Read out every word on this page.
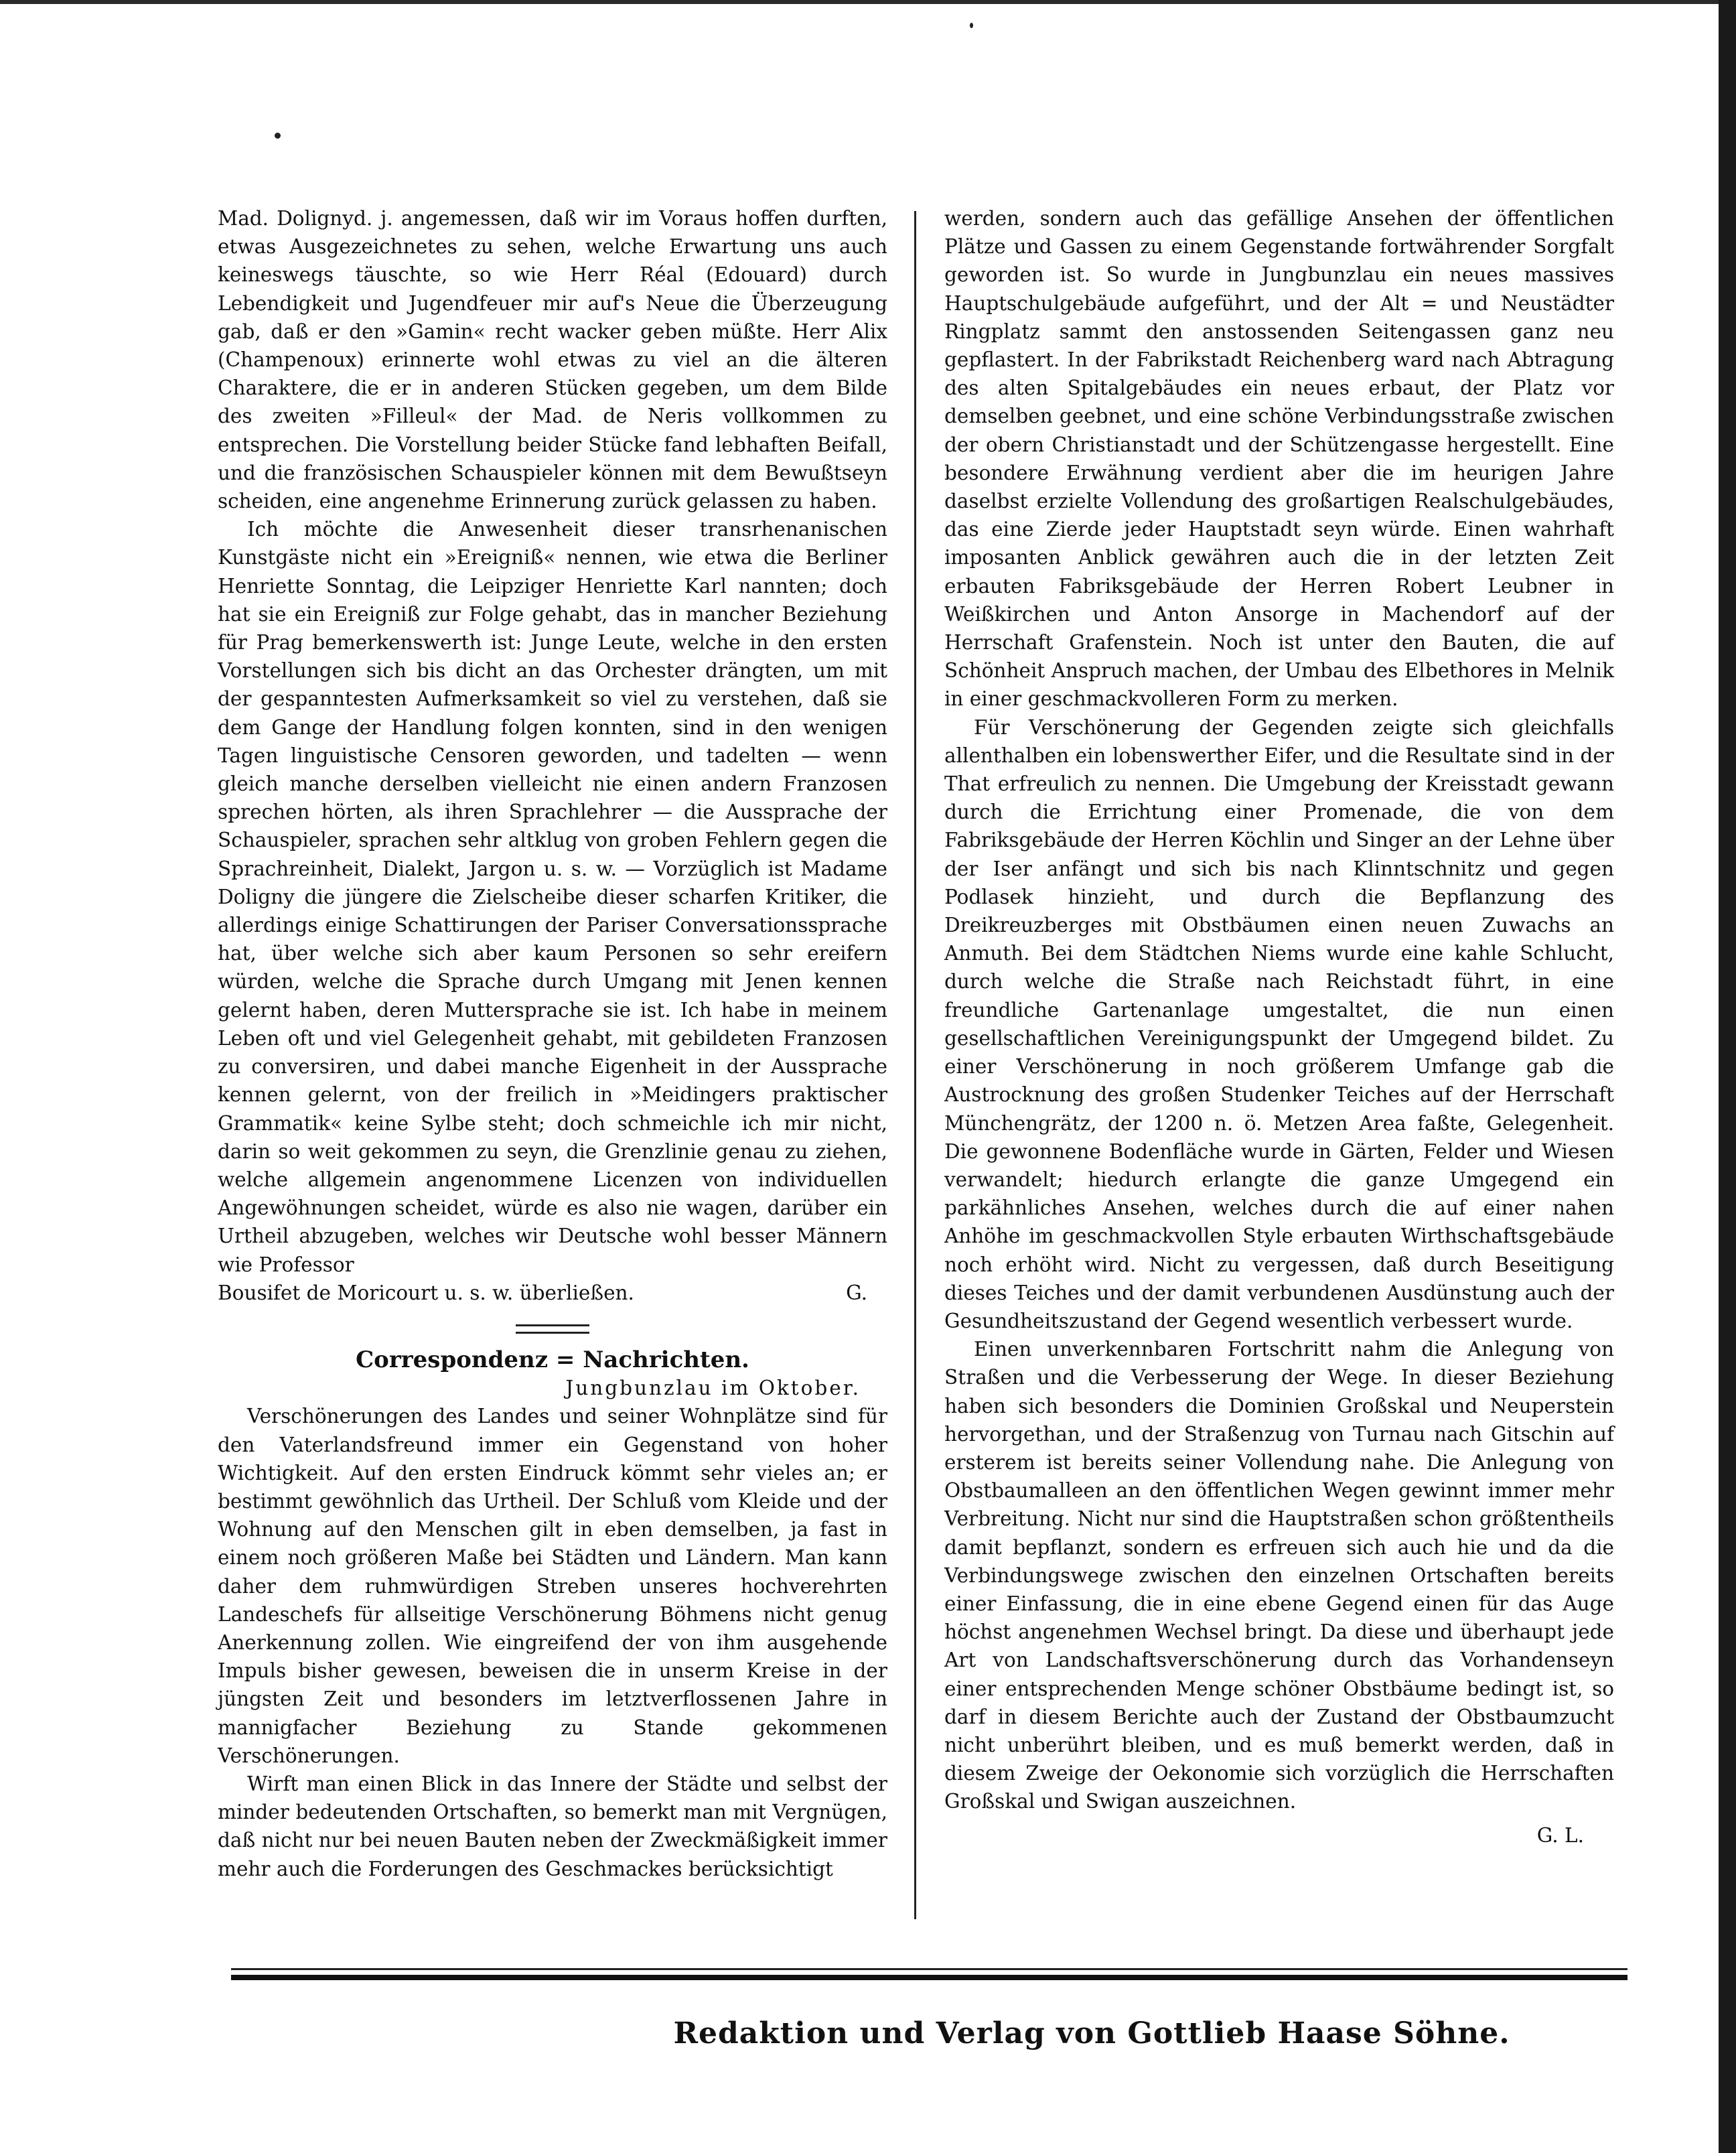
Mad. Dolignyd. j. angemessen, daß wir im Voraus hoffen durften, etwas Ausgezeichnetes zu sehen, welche Erwartung uns auch keineswegs täuschte, so wie Herr Réal (Edouard) durch Lebendigkeit und Jugendfeuer mir auf's Neue die Überzeugung gab, daß er den »Gamin« recht wacker geben müßte. Herr Alix (Champenoux) erinnerte wohl etwas zu viel an die älteren Charaktere, die er in anderen Stücken gegeben, um dem Bilde des zweiten »Filleul« der Mad. de Neris vollkommen zu entsprechen. Die Vorstellung beider Stücke fand lebhaften Beifall, und die französischen Schauspieler können mit dem Bewußtseyn scheiden, eine angenehme Erinnerung zurück gelassen zu haben.

Ich möchte die Anwesenheit dieser transrhenanischen Kunstgäste nicht ein »Ereigniß« nennen, wie etwa die Berliner Henriette Sonntag, die Leipziger Henriette Karl nannten; doch hat sie ein Ereigniß zur Folge gehabt, das in mancher Beziehung für Prag bemerkenswerth ist: Junge Leute, welche in den ersten Vorstellungen sich bis dicht an das Orchester drängten, um mit der gespanntesten Aufmerksamkeit so viel zu verstehen, daß sie dem Gange der Handlung folgen konnten, sind in den wenigen Tagen linguistische Censoren geworden, und tadelten — wenn gleich manche derselben vielleicht nie einen andern Franzosen sprechen hörten, als ihren Sprachlehrer — die Aussprache der Schauspieler, sprachen sehr altklug von groben Fehlern gegen die Sprachreinheit, Dialekt, Jargon u. s. w. — Vorzüglich ist Madame Doligny die jüngere die Zielscheibe dieser scharfen Kritiker, die allerdings einige Schattirungen der Pariser Conversationssprache hat, über welche sich aber kaum Personen so sehr ereifern würden, welche die Sprache durch Umgang mit Jenen kennen gelernt haben, deren Muttersprache sie ist. Ich habe in meinem Leben oft und viel Gelegenheit gehabt, mit gebildeten Franzosen zu conversiren, und dabei manche Eigenheit in der Aussprache kennen gelernt, von der freilich in »Meidingers praktischer Grammatik« keine Sylbe steht; doch schmeichle ich mir nicht, darin so weit gekommen zu seyn, die Grenzlinie genau zu ziehen, welche allgemein angenommene Licenzen von individuellen Angewöhnungen scheidet, würde es also nie wagen, darüber ein Urtheil abzugeben, welches wir Deutsche wohl besser Männern wie Professor

Bousifet de Moricourt u. s. w. überließen.	G.
Correspondenz = Nachrichten.
Jungbunzlau im Oktober.

Verschönerungen des Landes und seiner Wohnplätze sind für den Vaterlandsfreund immer ein Gegenstand von hoher Wichtigkeit. Auf den ersten Eindruck kömmt sehr vieles an; er bestimmt gewöhnlich das Urtheil. Der Schluß vom Kleide und der Wohnung auf den Menschen gilt in eben demselben, ja fast in einem noch größeren Maße bei Städten und Ländern. Man kann daher dem ruhmwürdigen Streben unseres hochverehrten Landeschefs für allseitige Verschönerung Böhmens nicht genug Anerkennung zollen. Wie eingreifend der von ihm ausgehende Impuls bisher gewesen, beweisen die in unserm Kreise in der jüngsten Zeit und besonders im letztverflossenen Jahre in mannigfacher Beziehung zu Stande gekommenen Verschönerungen.

Wirft man einen Blick in das Innere der Städte und selbst der minder bedeutenden Ortschaften, so bemerkt man mit Vergnügen, daß nicht nur bei neuen Bauten neben der Zweckmäßigkeit immer mehr auch die Forderungen des Geschmackes berücksichtigt

werden, sondern auch das gefällige Ansehen der öffentlichen Plätze und Gassen zu einem Gegenstande fortwährender Sorgfalt geworden ist. So wurde in Jungbunzlau ein neues massives Hauptschulgebäude aufgeführt, und der Alt = und Neustädter Ringplatz sammt den anstossenden Seitengassen ganz neu gepflastert. In der Fabrikstadt Reichenberg ward nach Abtragung des alten Spitalgebäudes ein neues erbaut, der Platz vor demselben geebnet, und eine schöne Verbindungsstraße zwischen der obern Christianstadt und der Schützengasse hergestellt. Eine besondere Erwähnung verdient aber die im heurigen Jahre daselbst erzielte Vollendung des großartigen Realschulgebäudes, das eine Zierde jeder Hauptstadt seyn würde. Einen wahrhaft imposanten Anblick gewähren auch die in der letzten Zeit erbauten Fabriksgebäude der Herren Robert Leubner in Weißkirchen und Anton Ansorge in Machendorf auf der Herrschaft Grafenstein. Noch ist unter den Bauten, die auf Schönheit Anspruch machen, der Umbau des Elbethores in Melnik in einer geschmackvolleren Form zu merken.

Für Verschönerung der Gegenden zeigte sich gleichfalls allenthalben ein lobenswerther Eifer, und die Resultate sind in der That erfreulich zu nennen. Die Umgebung der Kreisstadt gewann durch die Errichtung einer Promenade, die von dem Fabriksgebäude der Herren Köchlin und Singer an der Lehne über der Iser anfängt und sich bis nach Klinntschnitz und gegen Podlasek hinzieht, und durch die Bepflanzung des Dreikreuzberges mit Obstbäumen einen neuen Zuwachs an Anmuth. Bei dem Städtchen Niems wurde eine kahle Schlucht, durch welche die Straße nach Reichstadt führt, in eine freundliche Gartenanlage umgestaltet, die nun einen gesellschaftlichen Vereinigungspunkt der Umgegend bildet. Zu einer Verschönerung in noch größerem Umfange gab die Austrocknung des großen Studenker Teiches auf der Herrschaft Münchengrätz, der 1200 n. ö. Metzen Area faßte, Gelegenheit. Die gewonnene Bodenfläche wurde in Gärten, Felder und Wiesen verwandelt; hiedurch erlangte die ganze Umgegend ein parkähnliches Ansehen, welches durch die auf einer nahen Anhöhe im geschmackvollen Style erbauten Wirthschaftsgebäude noch erhöht wird. Nicht zu vergessen, daß durch Beseitigung dieses Teiches und der damit verbundenen Ausdünstung auch der Gesundheitszustand der Gegend wesentlich verbessert wurde.

Einen unverkennbaren Fortschritt nahm die Anlegung von Straßen und die Verbesserung der Wege. In dieser Beziehung haben sich besonders die Dominien Großskal und Neuperstein hervorgethan, und der Straßenzug von Turnau nach Gitschin auf ersterem ist bereits seiner Vollendung nahe. Die Anlegung von Obstbaumalleen an den öffentlichen Wegen gewinnt immer mehr Verbreitung. Nicht nur sind die Hauptstraßen schon größtentheils damit bepflanzt, sondern es erfreuen sich auch hie und da die Verbindungswege zwischen den einzelnen Ortschaften bereits einer Einfassung, die in eine ebene Gegend einen für das Auge höchst angenehmen Wechsel bringt. Da diese und überhaupt jede Art von Landschaftsverschönerung durch das Vorhandenseyn einer entsprechenden Menge schöner Obstbäume bedingt ist, so darf in diesem Berichte auch der Zustand der Obstbaumzucht nicht unberührt bleiben, und es muß bemerkt werden, daß in diesem Zweige der Oekonomie sich vorzüglich die Herrschaften Großskal und Swigan auszeichnen.

G. L.
Redaktion und Verlag von Gottlieb Haase Söhne.
